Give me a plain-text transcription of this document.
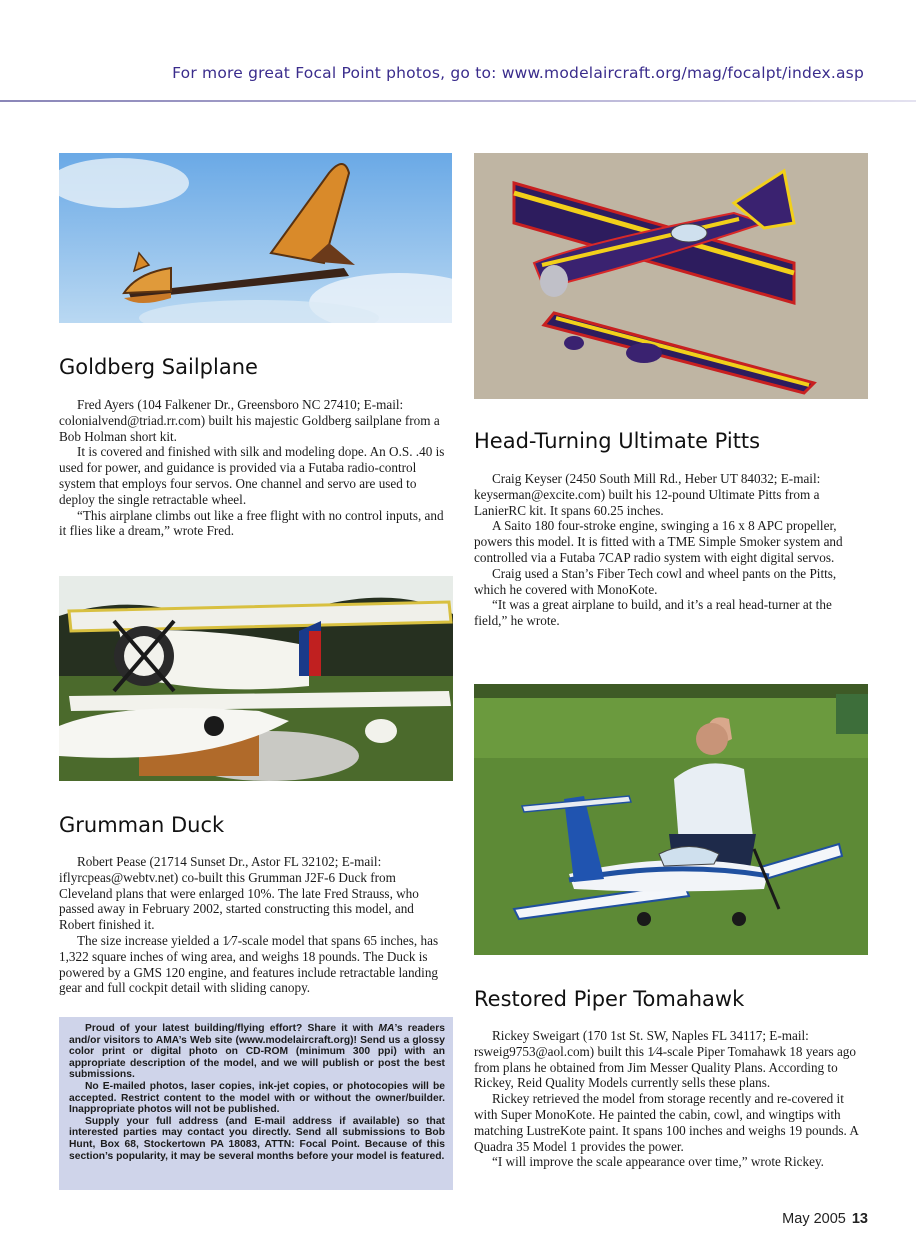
For more great Focal Point photos, go to: www.modelaircraft.org/mag/focalpt/index.asp
Goldberg Sailplane

Fred Ayers (104 Falkener Dr., Greensboro NC 27410; E-mail: colonialvend@triad.rr.com) built his majestic Goldberg sailplane from a Bob Holman short kit.

It is covered and finished with silk and modeling dope. An O.S. .40 is used for power, and guidance is provided via a Futaba radio-control system that employs four servos. One channel and servo are used to deploy the single retractable wheel.

“This airplane climbs out like a free flight with no control inputs, and it flies like a dream,” wrote Fred.

Head-Turning Ultimate Pitts

Craig Keyser (2450 South Mill Rd., Heber UT 84032; E-mail: keyserman@excite.com) built his 12-pound Ultimate Pitts from a LanierRC kit. It spans 60.25 inches.

A Saito 180 four-stroke engine, swinging a 16 x 8 APC propeller, powers this model. It is fitted with a TME Simple Smoker system and controlled via a Futaba 7CAP radio system with eight digital servos.

Craig used a Stan’s Fiber Tech cowl and wheel pants on the Pitts, which he covered with MonoKote.

“It was a great airplane to build, and it’s a real head-turner at the field,” he wrote.

Grumman Duck

Robert Pease (21714 Sunset Dr., Astor FL 32102; E-mail: iflyrcpeas@webtv.net) co-built this Grumman J2F-6 Duck from Cleveland plans that were enlarged 10%. The late Fred Strauss, who passed away in February 2002, started constructing this model, and Robert finished it.

The size increase yielded a 1⁄7-scale model that spans 65 inches, has 1,322 square inches of wing area, and weighs 18 pounds. The Duck is powered by a GMS 120 engine, and features include retractable landing gear and full cockpit detail with sliding canopy.

Proud of your latest building/flying effort? Share it with MA’s readers and/or visitors to AMA’s Web site (www.modelaircraft.org)! Send us a glossy color print or digital photo on CD-ROM (minimum 300 ppi) with an appropriate description of the model, and we will publish or post the best submissions.

No E-mailed photos, laser copies, ink-jet copies, or photocopies will be accepted. Restrict content to the model with or without the owner/builder. Inappropriate photos will not be published.

Supply your full address (and E-mail address if available) so that interested parties may contact you directly. Send all submissions to Bob Hunt, Box 68, Stockertown PA 18083, ATTN: Focal Point. Because of this section’s popularity, it may be several months before your model is featured.

Restored Piper Tomahawk

Rickey Sweigart (170 1st St. SW, Naples FL 34117; E-mail: rsweig9753@aol.com) built this 1⁄4-scale Piper Tomahawk 18 years ago from plans he obtained from Jim Messer Quality Plans. According to Rickey, Reid Quality Models currently sells these plans.

Rickey retrieved the model from storage recently and re-covered it with Super MonoKote. He painted the cabin, cowl, and wingtips with matching LustreKote paint. It spans 100 inches and weighs 19 pounds. A Quadra 35 Model 1 provides the power.

“I will improve the scale appearance over time,” wrote Rickey.

May 2005 13
